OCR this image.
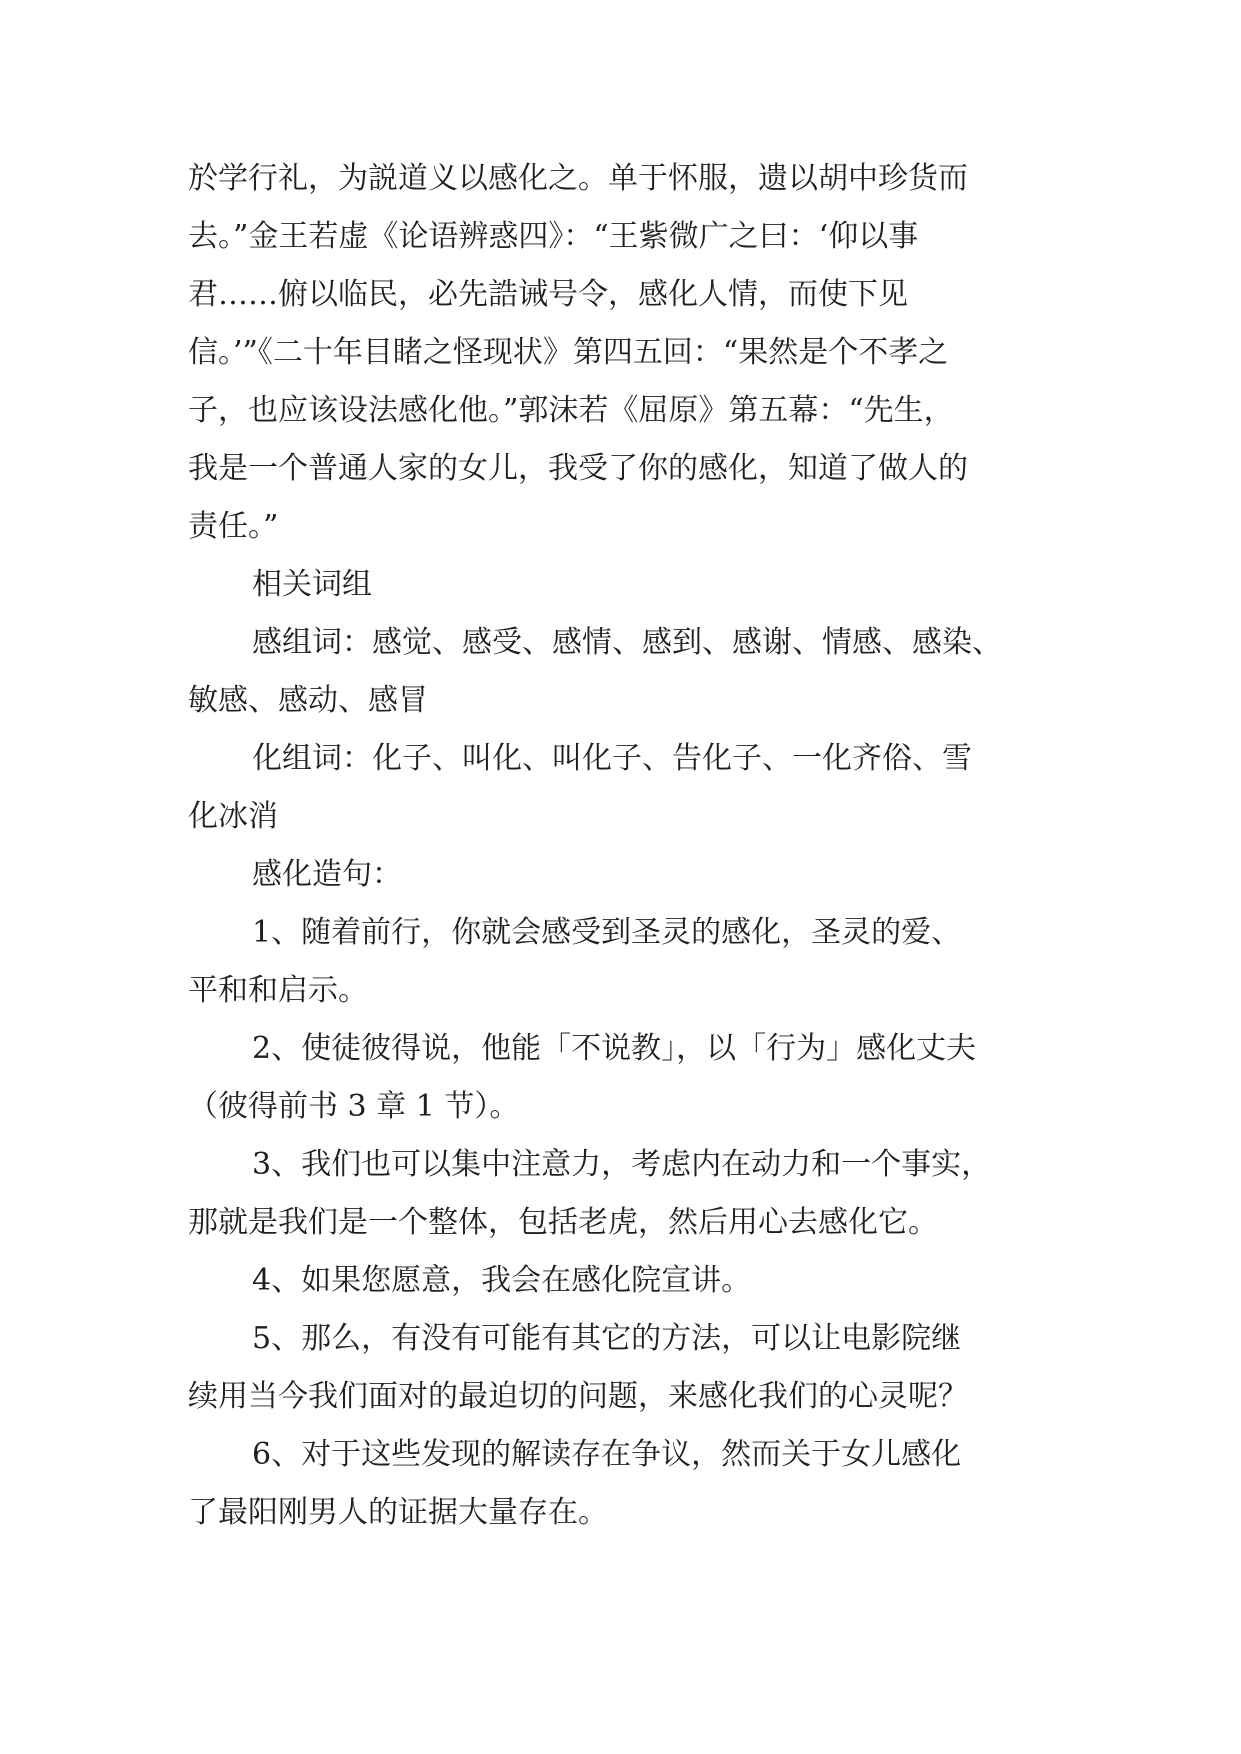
於学行礼，为説道义以感化之。单于怀服，遗以胡中珍货而
去。”金王若虚《论语辨惑四》：“王紫微广之曰：‘仰以事
君……俯以临民，必先誥诫号令，感化人情，而使下见
信。’”《二十年目睹之怪现状》第四五回：“果然是个不孝之
子，也应该设法感化他。”郭沫若《屈原》第五幕：“先生，
我是一个普通人家的女儿，我受了你的感化，知道了做人的
责任。”
相关词组
感组词：感觉、感受、感情、感到、感谢、情感、感染、
敏感、感动、感冒
化组词：化子、叫化、叫化子、告化子、一化齐俗、雪
化冰消
感化造句：
1、随着前行，你就会感受到圣灵的感化，圣灵的爱、
平和和启示。
2、使徒彼得说，他能「不说教」，以「行为」感化丈夫
（彼得前书 3 章 1 节）。
3、我们也可以集中注意力，考虑内在动力和一个事实，
那就是我们是一个整体，包括老虎，然后用心去感化它。
4、如果您愿意，我会在感化院宣讲。
5、那么，有没有可能有其它的方法，可以让电影院继
续用当今我们面对的最迫切的问题，来感化我们的心灵呢？
6、对于这些发现的解读存在争议，然而关于女儿感化
了最阳刚男人的证据大量存在。
